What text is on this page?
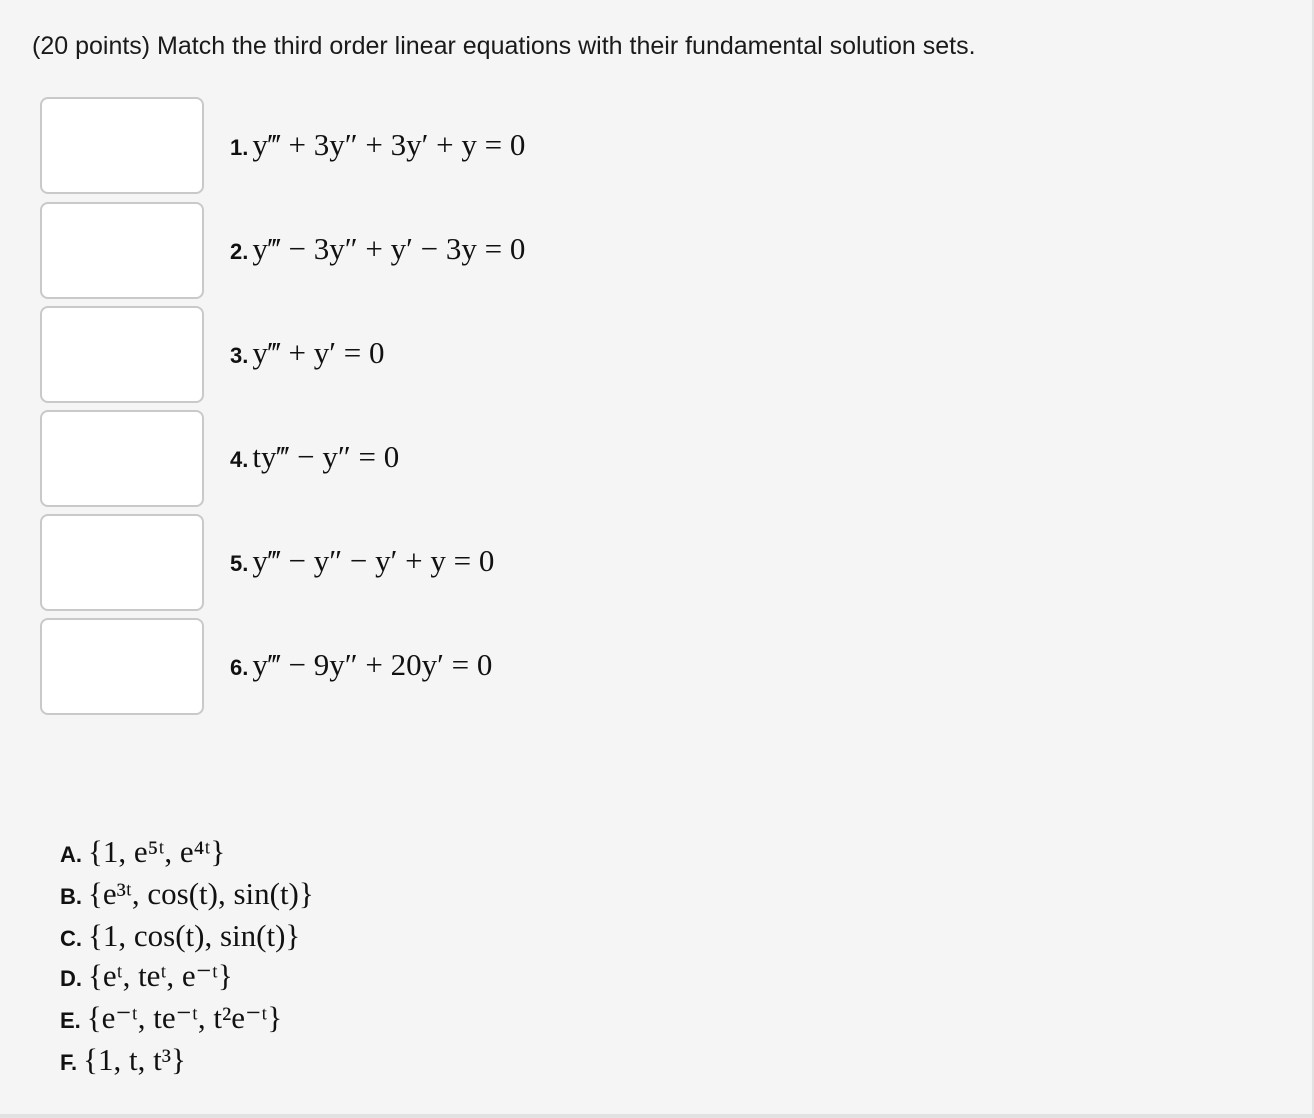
(20 points) Match the third order linear equations with their fundamental solution sets.
1. y‴ + 3y″ + 3y′ + y = 0
2. y‴ − 3y″ + y′ − 3y = 0
3. y‴ + y′ = 0
4. ty‴ − y″ = 0
5. y‴ − y″ − y′ + y = 0
6. y‴ − 9y″ + 20y′ = 0
A. {1, e⁵ᵗ, e⁴ᵗ}
B. {e³ᵗ, cos(t), sin(t)}
C. {1, cos(t), sin(t)}
D. {eᵗ, teᵗ, e⁻ᵗ}
E. {e⁻ᵗ, te⁻ᵗ, t²e⁻ᵗ}
F. {1, t, t³}
